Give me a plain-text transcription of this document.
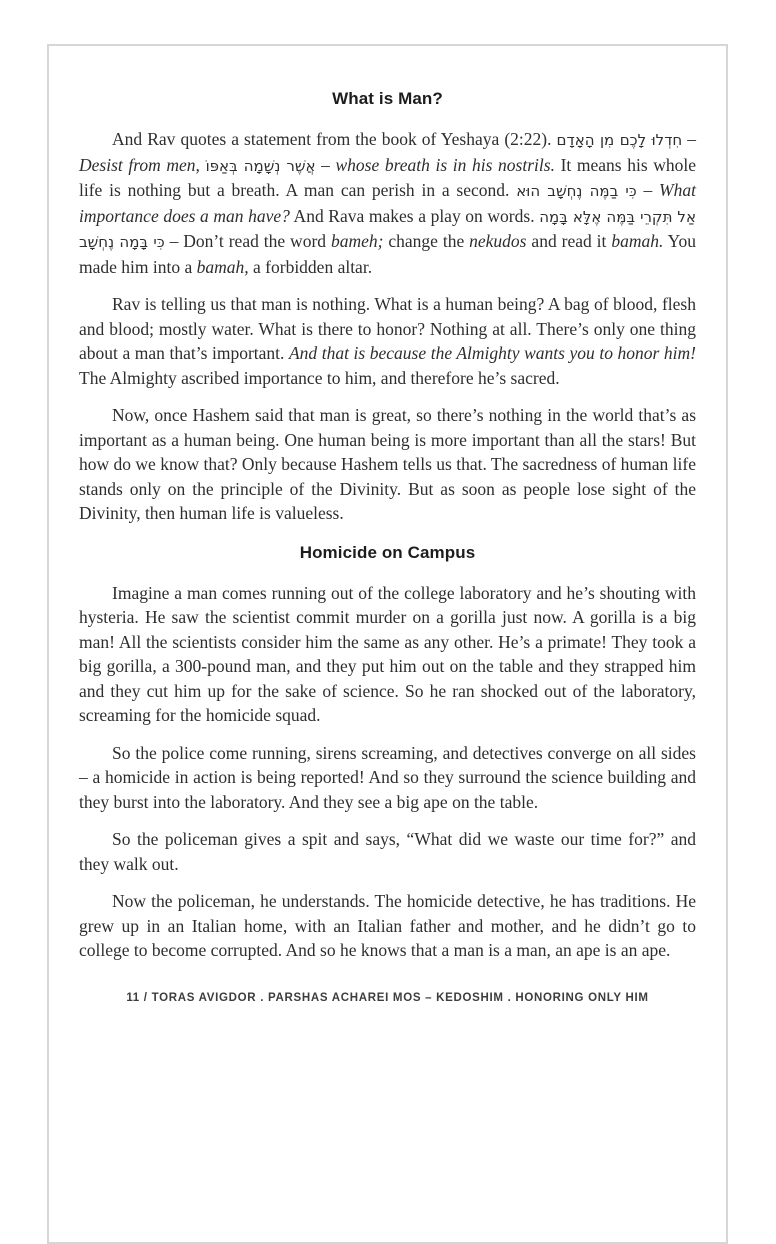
What is Man?

And Rav quotes a statement from the book of Yeshaya (2:22). חִדְלוּ לָכֶם מִן הָאָדָם – Desist from men, אֲשֶׁר נְשָׁמָה בְּאַפּוֹ – whose breath is in his nostrils. It means his whole life is nothing but a breath. A man can perish in a second. כִּי בַמֶּה נֶחְשָׁב הוּא – What importance does a man have? And Rava makes a play on words. אַל תִּקְרֵי בַּמֶּה אֶלָּא בָּמָה כִּי בָּמָה נֶחְשָׁב – Don’t read the word bameh; change the nekudos and read it bamah. You made him into a bamah, a forbidden altar.

Rav is telling us that man is nothing. What is a human being? A bag of blood, flesh and blood; mostly water. What is there to honor? Nothing at all. There’s only one thing about a man that’s important. And that is because the Almighty wants you to honor him! The Almighty ascribed importance to him, and therefore he’s sacred.

Now, once Hashem said that man is great, so there’s nothing in the world that’s as important as a human being. One human being is more important than all the stars! But how do we know that? Only because Hashem tells us that. The sacredness of human life stands only on the principle of the Divinity. But as soon as people lose sight of the Divinity, then human life is valueless.

Homicide on Campus

Imagine a man comes running out of the college laboratory and he’s shouting with hysteria. He saw the scientist commit murder on a gorilla just now. A gorilla is a big man! All the scientists consider him the same as any other. He’s a primate! They took a big gorilla, a 300-pound man, and they put him out on the table and they strapped him and they cut him up for the sake of science. So he ran shocked out of the laboratory, screaming for the homicide squad.

So the police come running, sirens screaming, and detectives converge on all sides – a homicide in action is being reported! And so they surround the science building and they burst into the laboratory. And they see a big ape on the table.

So the policeman gives a spit and says, “What did we waste our time for?” and they walk out.

Now the policeman, he understands. The homicide detective, he has traditions. He grew up in an Italian home, with an Italian father and mother, and he didn’t go to college to become corrupted. And so he knows that a man is a man, an ape is an ape.

11 / TORAS AVIGDOR . PARSHAS ACHAREI MOS – KEDOSHIM . HONORING ONLY HIM
